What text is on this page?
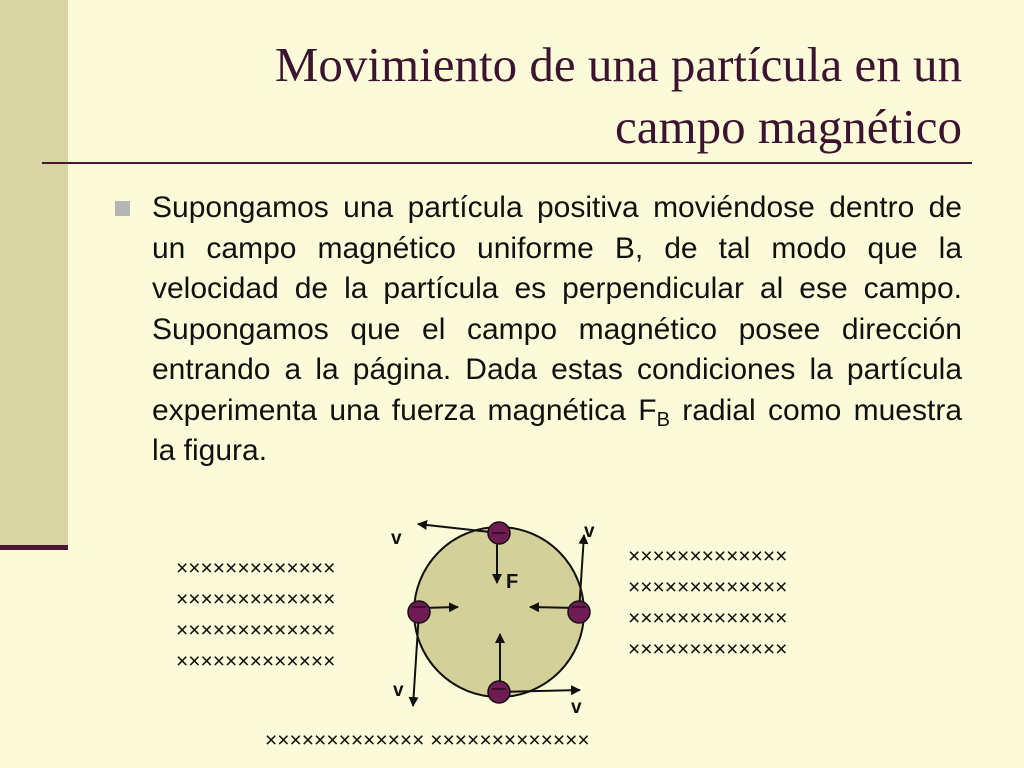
Movimiento de una partícula en un
campo magnético
Supongamos una partícula positiva moviéndose dentro de un campo magnético uniforme B, de tal modo que la velocidad de la partícula es perpendicular al ese campo. Supongamos que el campo magnético posee dirección entrando a la página. Dada estas condiciones la partícula experimenta una fuerza magnética $F_B$ radial como muestra la figura.
×××××××××××××
×××××××××××××
×××××××××××××
×××××××××××××
×××××××××××××
×××××××××××××
×××××××××××××
×××××××××××××
××××××××××××× ×××××××××××××
v	v
v
v
F
